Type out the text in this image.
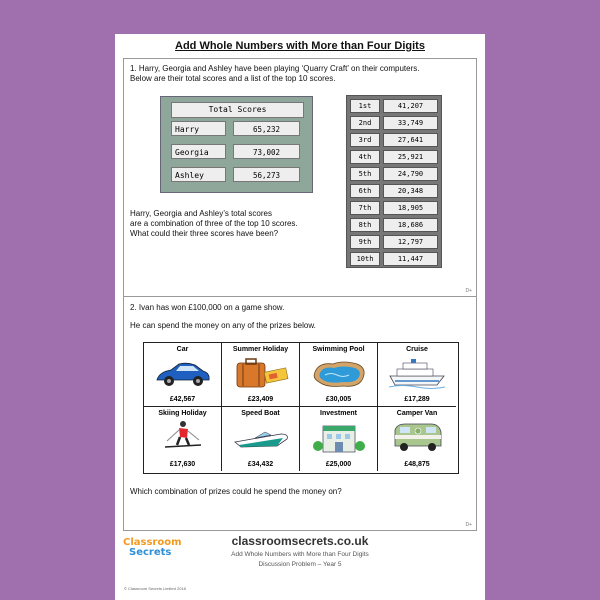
Add Whole Numbers with More than Four Digits

1. Harry, Georgia and Ashley have been playing ‘Quarry Craft’ on their computers.

Below are their total scores and a list of the top 10 scores.

Total Scores
Harry	65,232
Georgia	73,002
Ashley	56,273
1st	41,207
2nd	33,749
3rd	27,641
4th	25,921
5th	24,790
6th	20,348
7th	18,905
8th	18,686
9th	12,797
10th	11,447

Harry, Georgia and Ashley’s total scores

are a combination of three of the top 10 scores.

What could their three scores have been?

D+

2. Ivan has won £100,000 on a game show.

He can spend the money on any of the prizes below.

Car
£42,567
Summer Holiday
£23,409
Swimming Pool
£30,005
Cruise
£17,289
Skiing Holiday
£17,630
Speed Boat
£34,432
Investment
£25,000
Camper Van
£48,875

Which combination of prizes could he spend the money on?

D+
Classroom
Secrets
classroomsecrets.co.uk
Add Whole Numbers with More than Four Digits
Discussion Problem – Year 5
© Classroom Secrets Limited 2018
